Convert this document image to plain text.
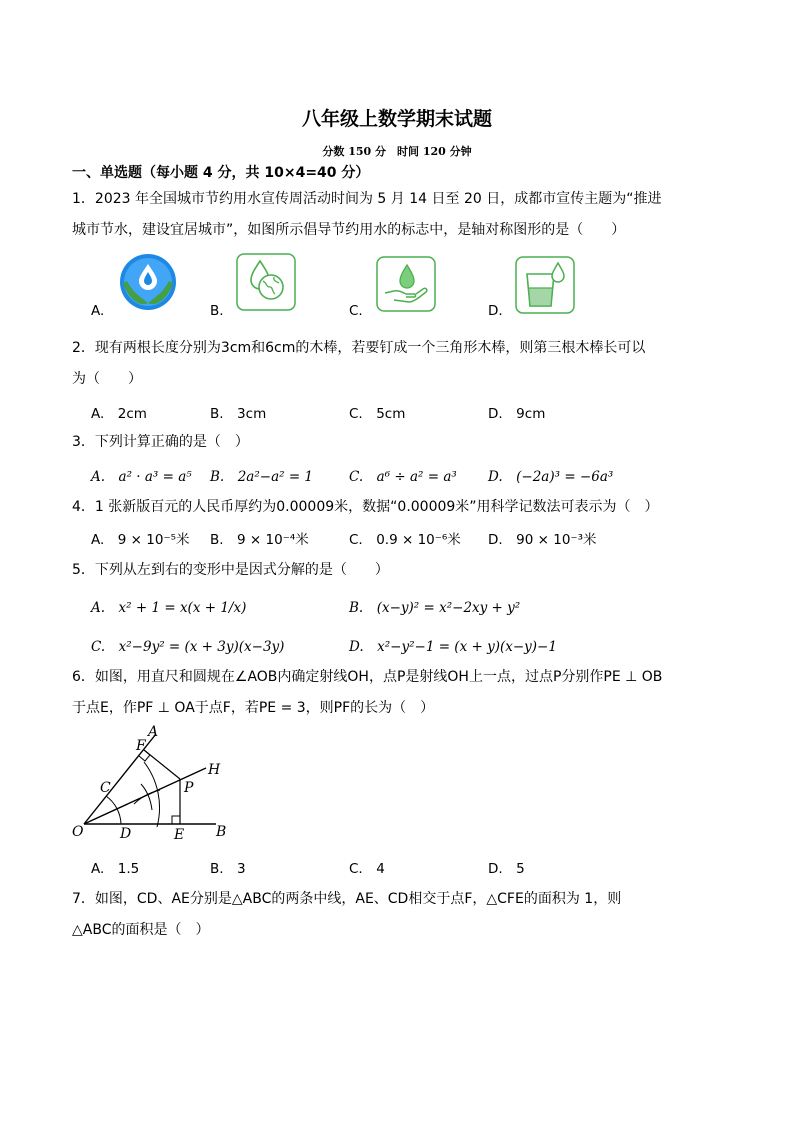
八年级上数学期末试题
分数 150 分　时间 120 分钟
一、单选题（每小题 4 分，共 10×4=40 分）
1．2023 年全国城市节约用水宣传周活动时间为 5 月 14 日至 20 日，成都市宣传主题为“推进
城市节水，建设宜居城市”，如图所示倡导节约用水的标志中，是轴对称图形的是（　　）
A.	B.	C.	D.
2．现有两根长度分别为3cm和6cm的木棒，若要钉成一个三角形木棒，则第三根木棒长可以
为（　　）
A.　2cm	B.　3cm	C.　5cm	D.　9cm
3．下列计算正确的是（　）
A.　a² · a³ = a⁵ B.　2a²−a² = 1	C.　a⁶ ÷ a² = a³ D.　(−2a)³ = −6a³
4．1 张新版百元的人民币厚约为0.00009米，数据“0.00009米”用科学记数法可表示为（　）
A.　9 × 10⁻⁵米 B.　9 × 10⁻⁴米	C.　0.9 × 10⁻⁶米 D.　90 × 10⁻³米
5．下列从左到右的变形中是因式分解的是（　　）
A.　x² + 1 = x(x + 1/x)	B.　(x−y)² = x²−2xy + y²
C.　x²−9y² = (x + 3y)(x−3y)	D.　x²−y²−1 = (x + y)(x−y)−1
6．如图，用直尺和圆规在∠AOB内确定射线OH，点P是射线OH上一点，过点P分别作PE ⊥ OB
于点E，作PF ⊥ OA于点F，若PE = 3，则PF的长为（　）
A
F
H
C	P
O	D	E B
A.　1.5	B.　3	C.　4	D.　5
7．如图，CD、AE分别是△ABC的两条中线，AE、CD相交于点F，△CFE的面积为 1，则
△ABC的面积是（　）
